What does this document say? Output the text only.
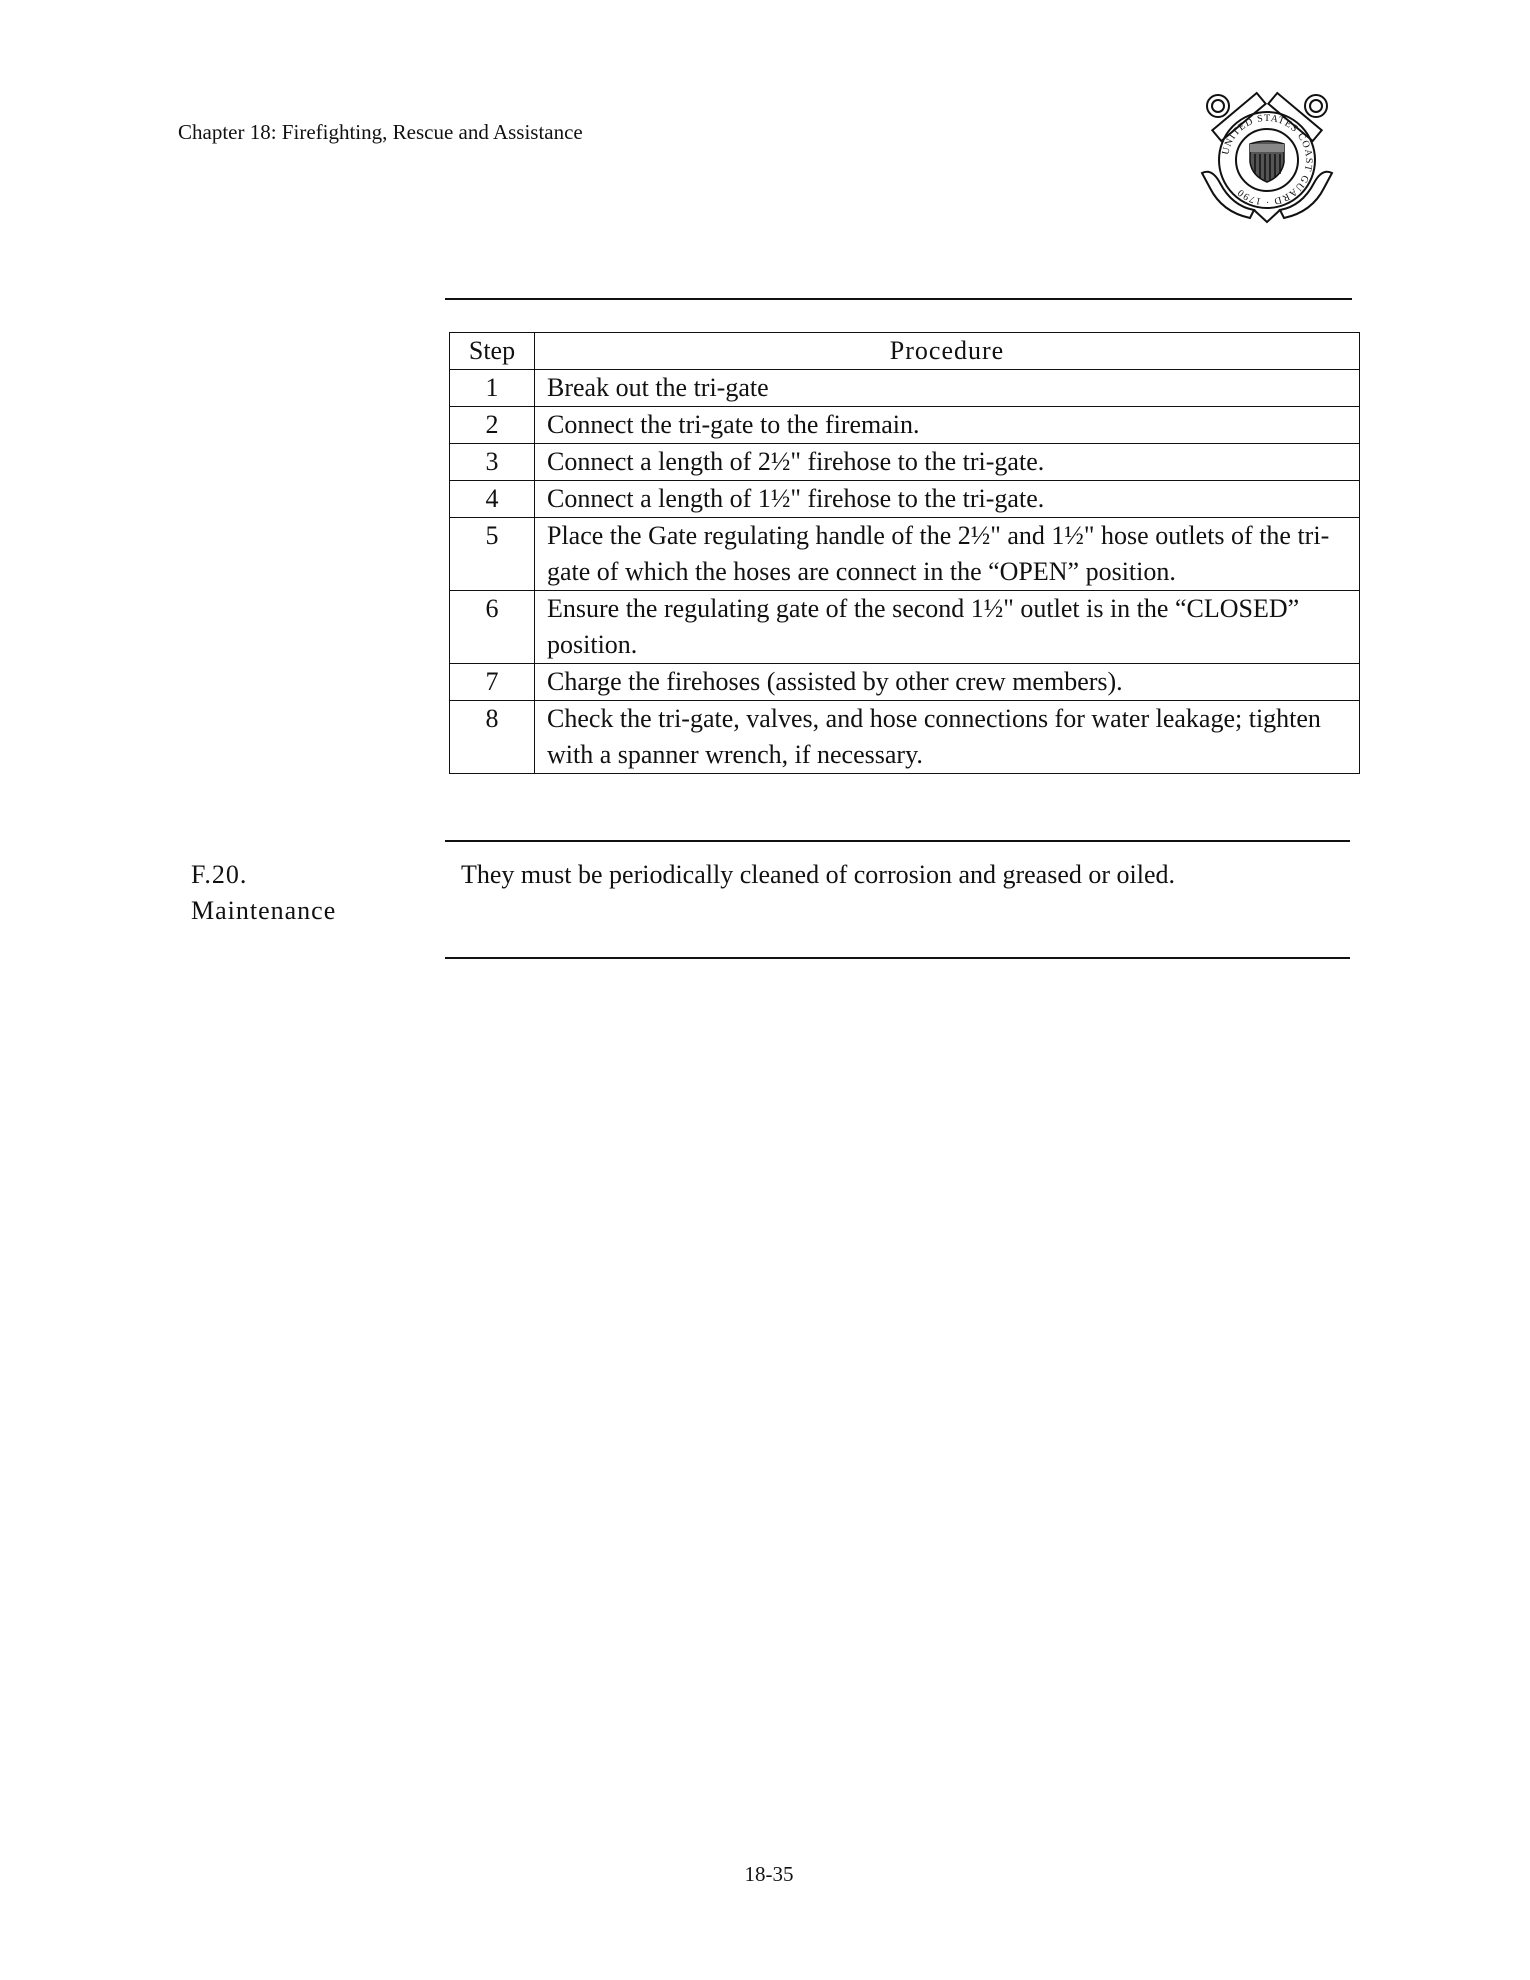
Chapter 18: Firefighting, Rescue and Assistance
UNITED STATES COAST GUARD · 1790
Step	Procedure
1	Break out the tri-gate
2	Connect the tri-gate to the firemain.
3	Connect a length of 2½" firehose to the tri-gate.
4	Connect a length of 1½" firehose to the tri-gate.
5	Place the Gate regulating handle of the 2½" and 1½" hose outlets of the tri-gate of which the hoses are connect in the “OPEN” position.
6	Ensure the regulating gate of the second 1½" outlet is in the “CLOSED” position.
7	Charge the firehoses (assisted by other crew members).
8	Check the tri-gate, valves, and hose connections for water leakage; tighten with a spanner wrench, if necessary.
F.20.
Maintenance
They must be periodically cleaned of corrosion and greased or oiled.
18-35
